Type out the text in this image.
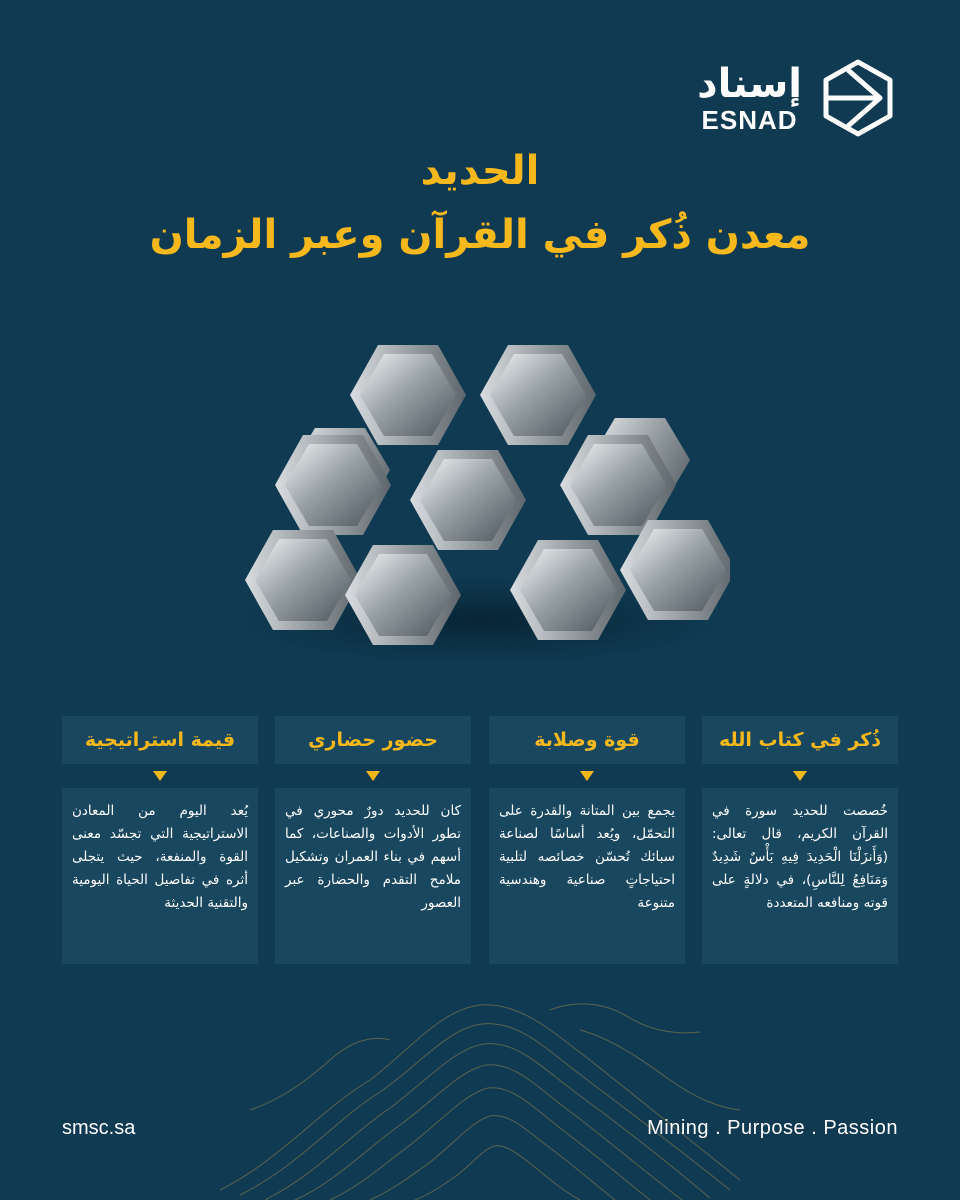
إسناد
ESNAD
الحديد
معدن ذُكر في القرآن وعبر الزمان
ذُكر في كتاب الله
خُصصت للحديد سورة في القرآن الكريم، قال تعالى: (وَأَنزَلْنَا الْحَدِيدَ فِيهِ بَأْسٌ شَدِيدٌ وَمَنَافِعُ لِلنَّاسِ)، في دلالةٍ على قوته ومنافعه المتعددة
قوة وصلابة
يجمع بين المتانة والقدرة على التحمّل، ويُعد أساسًا لصناعة سبائك تُحسّن خصائصه لتلبية احتياجاتٍ صناعية وهندسية متنوعة
حضور حضاري
كان للحديد دورٌ محوري في تطور الأدوات والصناعات، كما أسهم في بناء العمران وتشكيل ملامح التقدم والحضارة عبر العصور
قيمة استراتيجية
يُعد اليوم من المعادن الاستراتيجية التي تجسّد معنى القوة والمنفعة، حيث يتجلى أثره في تفاصيل الحياة اليومية والتقنية الحديثة
smsc.sa	Mining . Purpose . Passion
